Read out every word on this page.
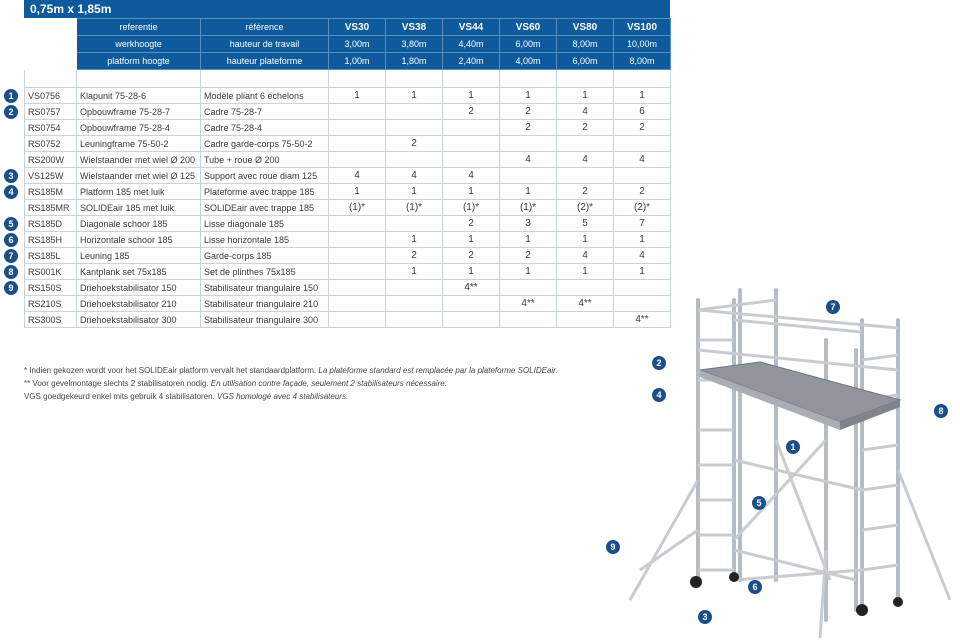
0,75m x 1,85m
	referentie	référence	VS30	VS38	VS44	VS60	VS80	VS100
	werkhoogte	hauteur de travail	3,00m	3,80m	4,40m	6,00m	8,00m	10,00m
	platform hoogte	hauteur plateforme	1,00m	1,80m	2,40m	4,00m	6,00m	8,00m

VS0756	Klapunit 75-28-6	Modèle pliant 6 échelons	1	1	1	1	1	1
RS0757	Opbouwframe 75-28-7	Cadre 75-28-7			2	2	4	6
RS0754	Opbouwframe 75-28-4	Cadre 75-28-4				2	2	2
RS0752	Leuningframe 75-50-2	Cadre garde-corps 75-50-2		2				
RS200W	Wielstaander met wiel Ø 200	Tube + roue Ø 200				4	4	4
VS125W	Wielstaander met wiel Ø 125	Support avec roue diam 125	4	4	4			
RS185M	Platform 185 met luik	Plateforme avec trappe 185	1	1	1	1	2	2
RS185MR	SOLIDEair 185 met luik	SOLIDEair avec trappe 185	(1)*	(1)*	(1)*	(1)*	(2)*	(2)*
RS185D	Diagonale schoor 185	Lisse diagonale 185			2	3	5	7
RS185H	Horizontale schoor 185	Lisse horizontale 185		1	1	1	1	1
RS185L	Leuning 185	Garde-corps 185		2	2	2	4	4
RS001K	Kantplank set 75x185	Set de plinthes 75x185		1	1	1	1	1
RS150S	Driehoekstabilisator 150	Stabilisateur triangulaire 150			4**			
RS210S	Driehoekstabilisator 210	Stabilisateur triangulaire 210				4**	4**	
RS300S	Driehoekstabilisator 300	Stabilisateur triangulaire 300						4**
1
2
3
4
5
6
7
8
9
* Indien gekozen wordt voor het SOLIDEair platform vervalt het standaardplatform. La plateforme standard est remplacée par la plateforme SOLIDEair.
** Voor gevelmontage slechts 2 stabilisatoren nodig. En utilisation contre façade, seulement 2 stabilisateurs nécessaire.
VGS goedgekeurd enkel mits gebruik 4 stabilisatoren. VGS homologé avec 4 stabilisateurs.
1
2
3
4
5
6
7
8
9
